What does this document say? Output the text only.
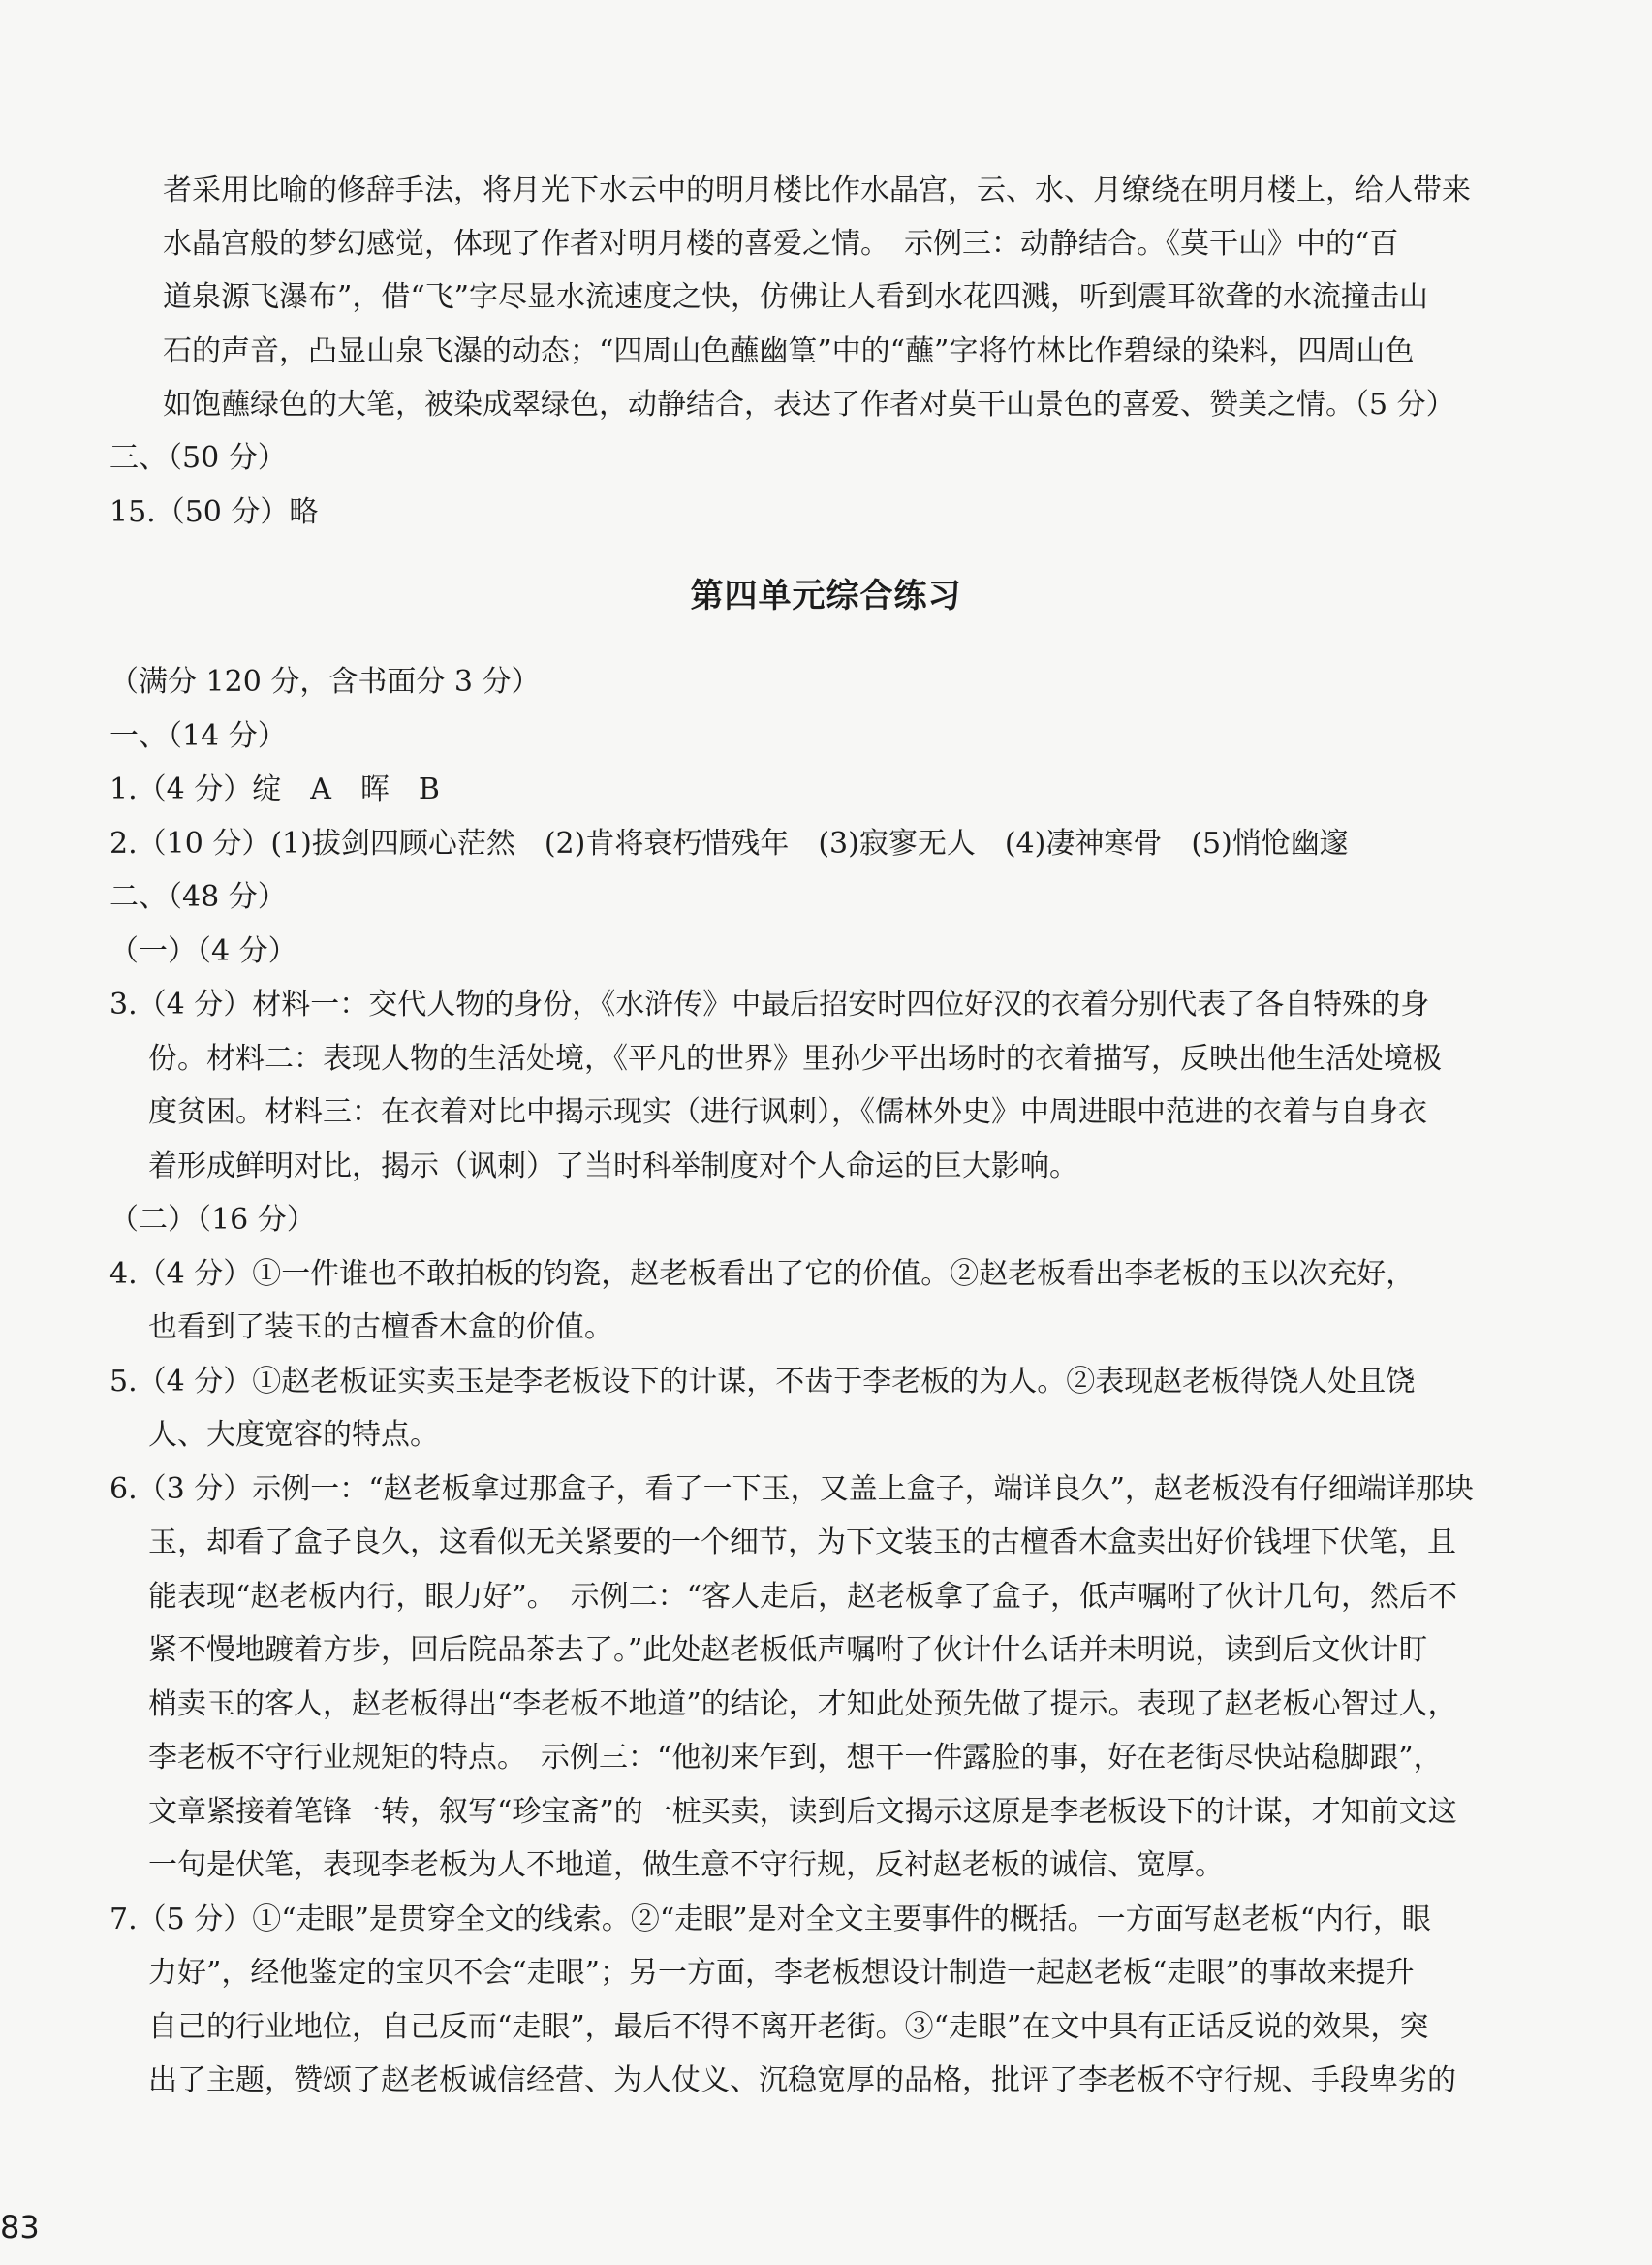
者采用比喻的修辞手法，将月光下水云中的明月楼比作水晶宫，云、水、月缭绕在明月楼上，给人带来
水晶宫般的梦幻感觉，体现了作者对明月楼的喜爱之情。　示例三：动静结合。《莫干山》中的“百
道泉源飞瀑布”，借“飞”字尽显水流速度之快，仿佛让人看到水花四溅，听到震耳欲聋的水流撞击山
石的声音，凸显山泉飞瀑的动态；“四周山色蘸幽篁”中的“蘸”字将竹林比作碧绿的染料，四周山色
如饱蘸绿色的大笔，被染成翠绿色，动静结合，表达了作者对莫干山景色的喜爱、赞美之情。（5 分）
三、（50 分）
15.（50 分）略
第四单元综合练习
（满分 120 分，含书面分 3 分）
一、（14 分）
1.（4 分）绽　A　晖　B
2.（10 分）(1)拔剑四顾心茫然　(2)肯将衰朽惜残年　(3)寂寥无人　(4)凄神寒骨　(5)悄怆幽邃
二、（48 分）
（一）（4 分）
3.（4 分）材料一：交代人物的身份，《水浒传》中最后招安时四位好汉的衣着分别代表了各自特殊的身
份。材料二：表现人物的生活处境，《平凡的世界》里孙少平出场时的衣着描写，反映出他生活处境极
度贫困。材料三：在衣着对比中揭示现实（进行讽刺），《儒林外史》中周进眼中范进的衣着与自身衣
着形成鲜明对比，揭示（讽刺）了当时科举制度对个人命运的巨大影响。
（二）（16 分）
4.（4 分）①一件谁也不敢拍板的钧瓷，赵老板看出了它的价值。②赵老板看出李老板的玉以次充好，
也看到了装玉的古檀香木盒的价值。
5.（4 分）①赵老板证实卖玉是李老板设下的计谋，不齿于李老板的为人。②表现赵老板得饶人处且饶
人、大度宽容的特点。
6.（3 分）示例一：“赵老板拿过那盒子，看了一下玉，又盖上盒子，端详良久”，赵老板没有仔细端详那块
玉，却看了盒子良久，这看似无关紧要的一个细节，为下文装玉的古檀香木盒卖出好价钱埋下伏笔，且
能表现“赵老板内行，眼力好”。　示例二：“客人走后，赵老板拿了盒子，低声嘱咐了伙计几句，然后不
紧不慢地踱着方步，回后院品茶去了。”此处赵老板低声嘱咐了伙计什么话并未明说，读到后文伙计盯
梢卖玉的客人，赵老板得出“李老板不地道”的结论，才知此处预先做了提示。表现了赵老板心智过人，
李老板不守行业规矩的特点。　示例三：“他初来乍到，想干一件露脸的事，好在老街尽快站稳脚跟”，
文章紧接着笔锋一转，叙写“珍宝斋”的一桩买卖，读到后文揭示这原是李老板设下的计谋，才知前文这
一句是伏笔，表现李老板为人不地道，做生意不守行规，反衬赵老板的诚信、宽厚。
7.（5 分）①“走眼”是贯穿全文的线索。②“走眼”是对全文主要事件的概括。一方面写赵老板“内行，眼
力好”，经他鉴定的宝贝不会“走眼”；另一方面，李老板想设计制造一起赵老板“走眼”的事故来提升
自己的行业地位，自己反而“走眼”，最后不得不离开老街。③“走眼”在文中具有正话反说的效果，突
出了主题，赞颂了赵老板诚信经营、为人仗义、沉稳宽厚的品格，批评了李老板不守行规、手段卑劣的
83
